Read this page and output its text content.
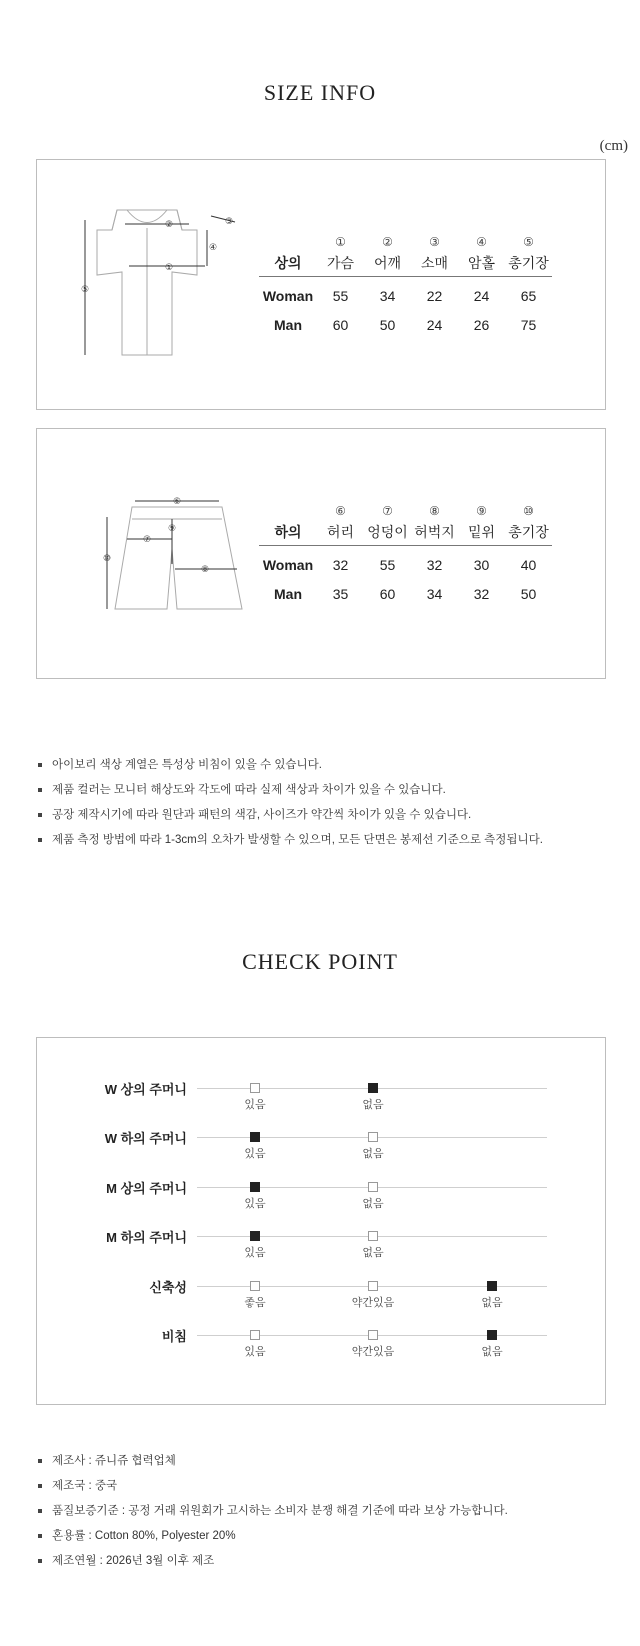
SIZE INFO
(cm)
⑤
①
②	③
④
		①	②	③	④	⑤
상의	가슴	어깨	소매	암홀	총기장
Woman	55	34	22	24	65
Man	60	50	24	26	75
⑥
⑦
⑧
⑨
⑩
	⑥	⑦	⑧	⑨	⑩
하의	허리	엉덩이	허벅지	밑위	총기장
Woman	32	55	32	30	40
Man	35	60	34	32	50
아이보리 색상 계열은 특성상 비침이 있을 수 있습니다.
제품 컬러는 모니터 해상도와 각도에 따라 실제 색상과 차이가 있을 수 있습니다.
공장 제작시기에 따라 원단과 패턴의 색감, 사이즈가 약간씩 차이가 있을 수 있습니다.
제품 측정 방법에 따라 1-3cm의 오차가 발생할 수 있으며, 모든 단면은 봉제선 기준으로 측정됩니다.
CHECK POINT
W 상의 주머니
있음	없음
W 하의 주머니
있음	없음
M 상의 주머니
있음	없음
M 하의 주머니
있음	없음
신축성
좋음	약간있음	없음
비침
있음	약간있음	없음
제조사 : 쥬니쥬 협력업체
제조국 : 중국
품질보증기준 : 공정 거래 위원회가 고시하는 소비자 분쟁 해결 기준에 따라 보상 가능합니다.
혼용률 : Cotton 80%, Polyester 20%
제조연월 : 2026년 3월 이후 제조
